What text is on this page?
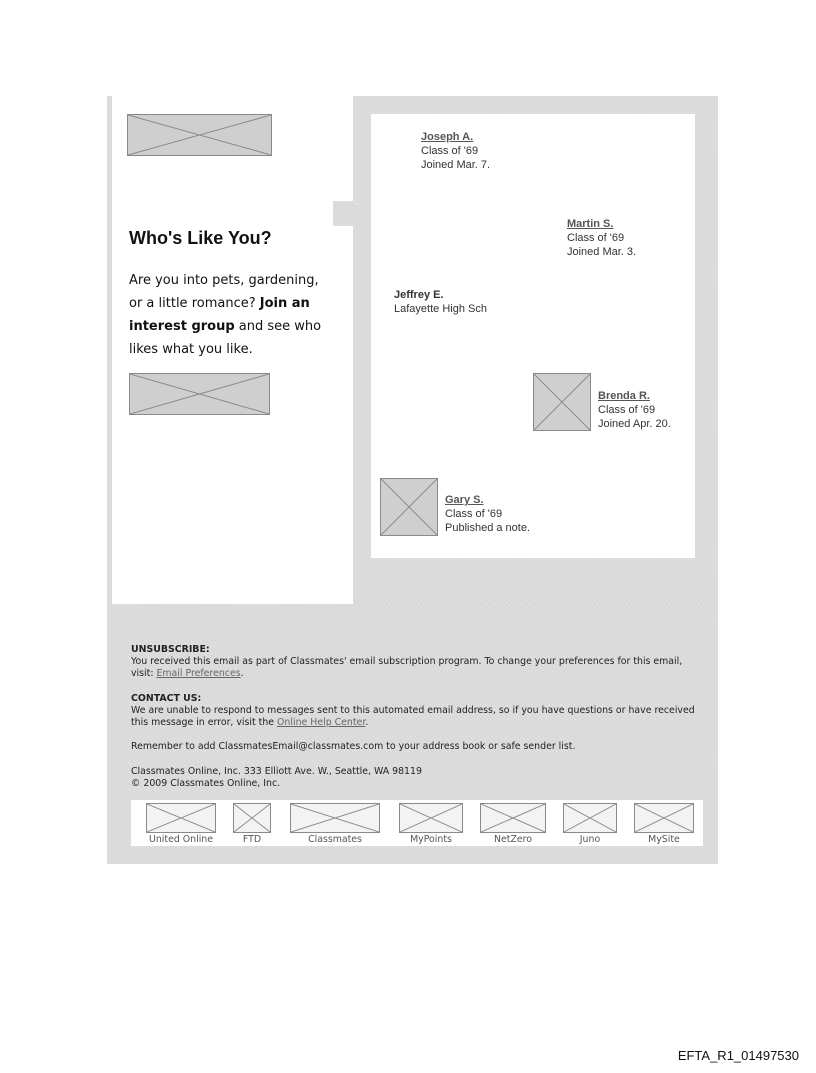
Who's Like You?
Are you into pets, gardening, or a little romance? Join an interest group and see who likes what you like.
Joseph A.
Class of '69
Joined Mar. 7.
Martin S.
Class of '69
Joined Mar. 3.
Jeffrey E.
Lafayette High Sch
Brenda R.
Class of '69
Joined Apr. 20.
Gary S.
Class of '69
Published a note.
UNSUBSCRIBE:
You received this email as part of Classmates' email subscription program. To change your preferences for this email, visit: Email Preferences.
CONTACT US:
We are unable to respond to messages sent to this automated email address, so if you have questions or have received this message in error, visit the Online Help Center.
Remember to add ClassmatesEmail@classmates.com to your address book or safe sender list.
Classmates Online, Inc. 333 Elliott Ave. W., Seattle, WA 98119
© 2009 Classmates Online, Inc.
United Online	FTD	Classmates	MyPoints	NetZero	Juno	MySite
EFTA_R1_01497530
